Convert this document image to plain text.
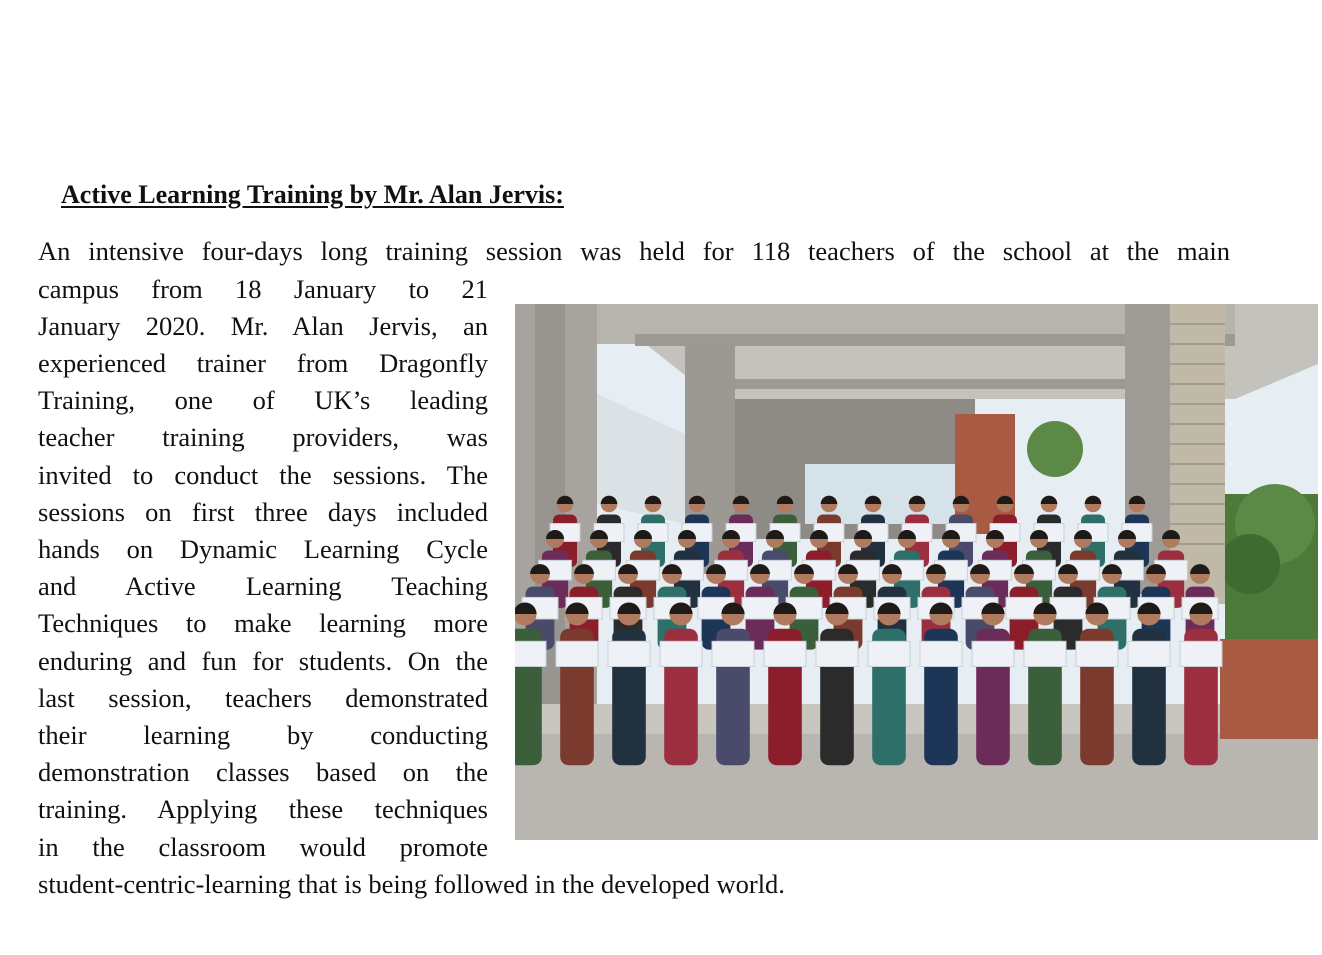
Active Learning Training by Mr. Alan Jervis:
An intensive four-days long training session was held for 118 teachers of the school at the main
campus from 18 January to 21
January 2020. Mr. Alan Jervis, an
experienced trainer from Dragonfly
Training, one of UK’s leading
teacher training providers, was
invited to conduct the sessions. The
sessions on first three days included
hands on Dynamic Learning Cycle
and Active Learning Teaching
Techniques to make learning more
enduring and fun for students. On the
last session, teachers demonstrated
their learning by conducting
demonstration classes based on the
training. Applying these techniques
in the classroom would promote
student-centric-learning that is being followed in the developed world.
